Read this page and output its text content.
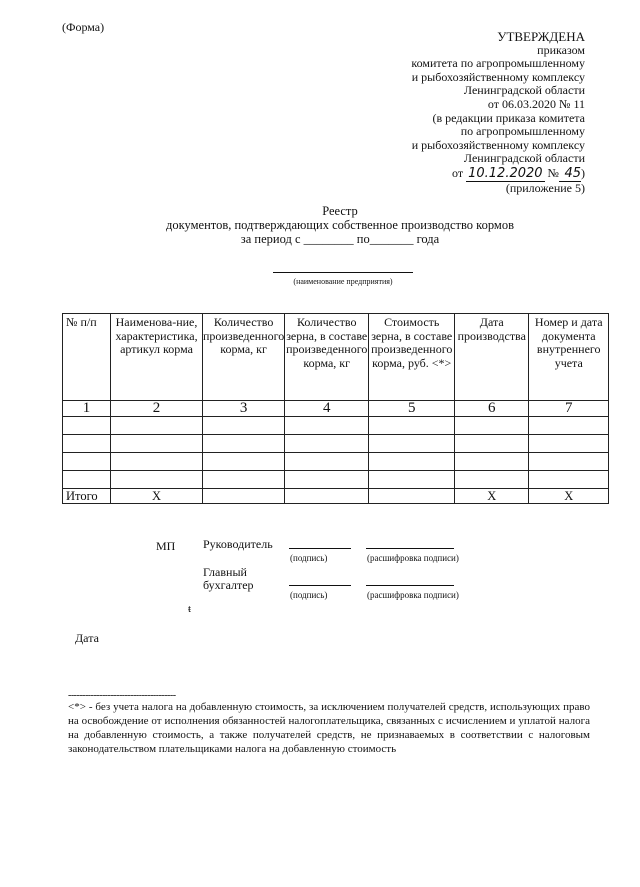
(Форма)
УТВЕРЖДЕНА
приказом
комитета по агропромышленному
и рыбохозяйственному комплексу
Ленинградской области
от 06.03.2020 № 11
(в редакции приказа комитета
по агропромышленному
и рыбохозяйственному комплексу
Ленинградской области
от 10.12.2020 № 45)
(приложение 5)
Реестр
документов, подтверждающих собственное производство кормов
за период с ________ по_______ года
(наименование предприятия)
№ п/п	Наименова-ние, характеристика, артикул корма	Количество произведенного корма, кг	Количество зерна, в составе произведенного корма, кг	Стоимость зерна, в составе произведенного корма, руб. <*>	Дата производства	Номер и дата документа внутреннего учета
1	2	3	4	5	6	7

Итого	X				X	X
МП Руководитель
(подпись)	(расшифровка подписи)
Главный
бухгалтер
(подпись)	(расшифровка подписи)
ŧ
Дата
--------------------------------------
<*> - без учета налога на добавленную стоимость, за исключением получателей средств, использующих право на освобождение от исполнения обязанностей налогоплательщика, связанных с исчислением и уплатой налога на добавленную стоимость, а также получателей средств, не признаваемых в соответствии с налоговым законодательством плательщиками налога на добавленную стоимость
